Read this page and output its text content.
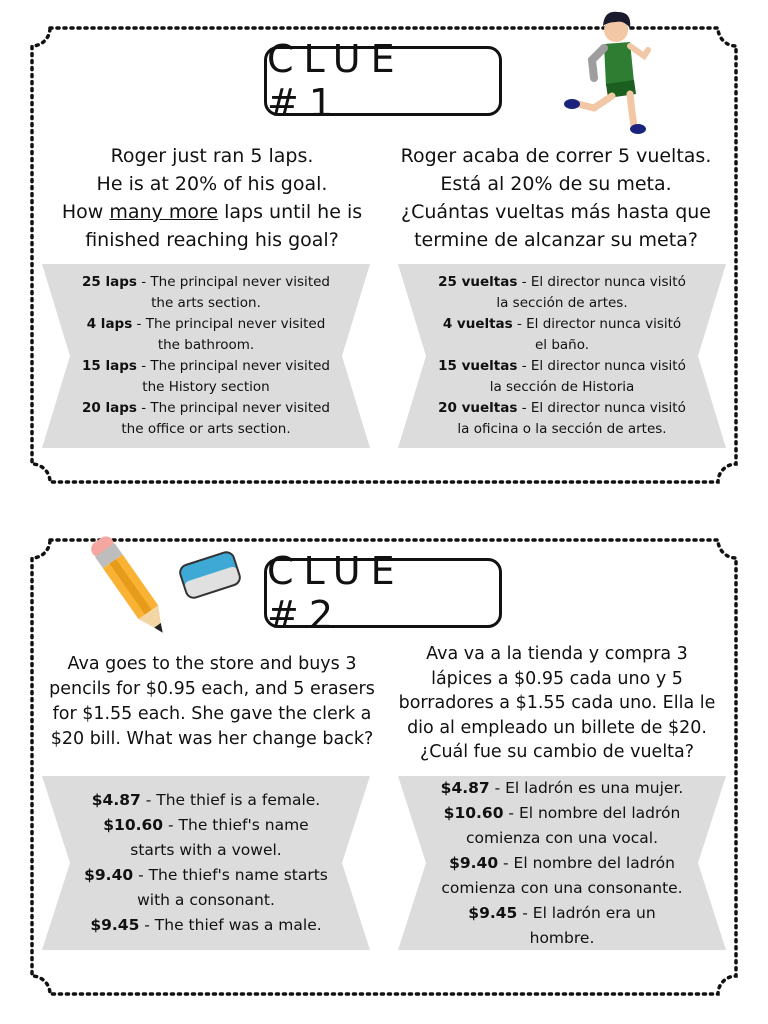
CLUE #1
Roger just ran 5 laps.
He is at 20% of his goal.
How many more laps until he is
finished reaching his goal?
Roger acaba de correr 5 vueltas.
Está al 20% de su meta.
¿Cuántas vueltas más hasta que
termine de alcanzar su meta?
25 laps - The principal never visited the arts section.
4 laps - The principal never visited the bathroom.
15 laps - The principal never visited the History section
20 laps - The principal never visited the office or arts section.
25 vueltas - El director nunca visitó la sección de artes.
4 vueltas - El director nunca visitó el baño.
15 vueltas - El director nunca visitó la sección de Historia
20 vueltas - El director nunca visitó la oficina o la sección de artes.
CLUE #2
Ava goes to the store and buys 3
pencils for $0.95 each, and 5 erasers
for $1.55 each. She gave the clerk a
$20 bill. What was her change back?
Ava va a la tienda y compra 3
lápices a $0.95 cada uno y 5
borradores a $1.55 cada uno. Ella le
dio al empleado un billete de $20.
¿Cuál fue su cambio de vuelta?
$4.87 - The thief is a female.
$10.60 - The thief's name starts with a vowel.
$9.40 - The thief's name starts with a consonant.
$9.45 - The thief was a male.
$4.87 - El ladrón es una mujer.
$10.60 - El nombre del ladrón comienza con una vocal.
$9.40 - El nombre del ladrón comienza con una consonante.
$9.45 - El ladrón era un hombre.
